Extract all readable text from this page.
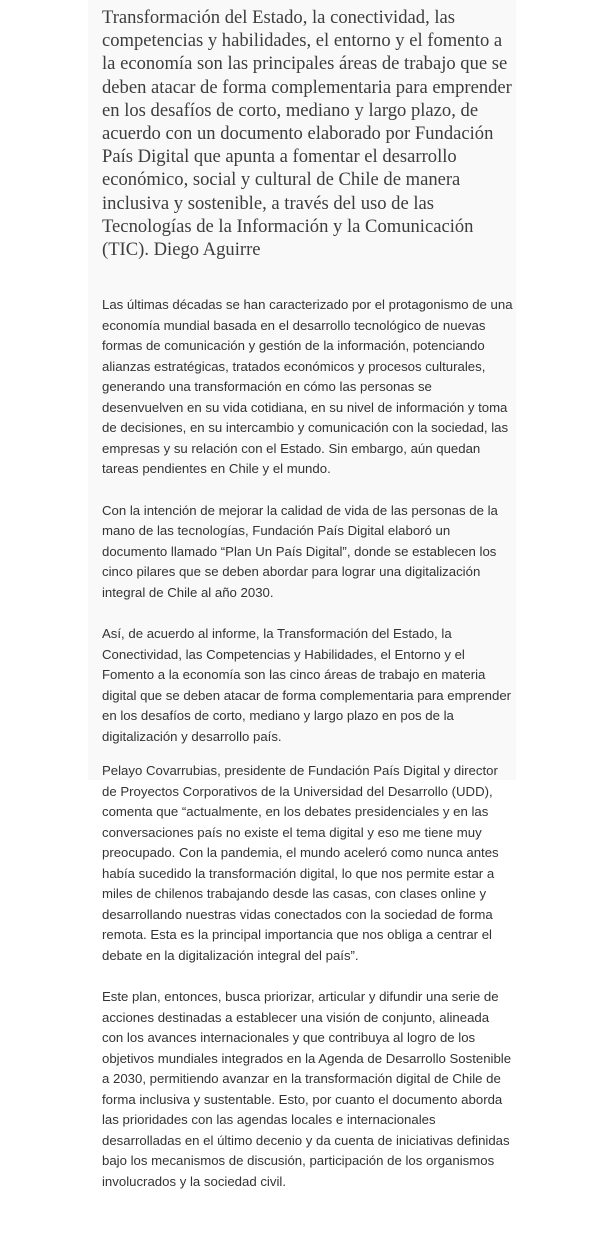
Transformación del Estado, la conectividad, las competencias y habilidades, el entorno y el fomento a la economía son las principales áreas de trabajo que se deben atacar de forma complementaria para emprender en los desafíos de corto, mediano y largo plazo, de acuerdo con un documento elaborado por Fundación País Digital que apunta a fomentar el desarrollo económico, social y cultural de Chile de manera inclusiva y sostenible, a través del uso de las Tecnologías de la Información y la Comunicación (TIC). Diego Aguirre

Las últimas décadas se han caracterizado por el protagonismo de una economía mundial basada en el desarrollo tecnológico de nuevas formas de comunicación y gestión de la información, potenciando alianzas estratégicas, tratados económicos y procesos culturales, generando una transformación en cómo las personas se desenvuelven en su vida cotidiana, en su nivel de información y toma de decisiones, en su intercambio y comunicación con la sociedad, las empresas y su relación con el Estado. Sin embargo, aún quedan tareas pendientes en Chile y el mundo.

Con la intención de mejorar la calidad de vida de las personas de la mano de las tecnologías, Fundación País Digital elaboró un documento llamado “Plan Un País Digital”, donde se establecen los cinco pilares que se deben abordar para lograr una digitalización integral de Chile al año 2030.

Así, de acuerdo al informe, la Transformación del Estado, la Conectividad, las Competencias y Habilidades, el Entorno y el Fomento a la economía son las cinco áreas de trabajo en materia digital que se deben atacar de forma complementaria para emprender en los desafíos de corto, mediano y largo plazo en pos de la digitalización y desarrollo país.

Pelayo Covarrubias, presidente de Fundación País Digital y director de Proyectos Corporativos de la Universidad del Desarrollo (UDD), comenta que “actualmente, en los debates presidenciales y en las conversaciones país no existe el tema digital y eso me tiene muy preocupado. Con la pandemia, el mundo aceleró como nunca antes había sucedido la transformación digital, lo que nos permite estar a miles de chilenos trabajando desde las casas, con clases online y desarrollando nuestras vidas conectados con la sociedad de forma remota. Esta es la principal importancia que nos obliga a centrar el debate en la digitalización integral del país”.

Este plan, entonces, busca priorizar, articular y difundir una serie de acciones destinadas a establecer una visión de conjunto, alineada con los avances internacionales y que contribuya al logro de los objetivos mundiales integrados en la Agenda de Desarrollo Sostenible a 2030, permitiendo avanzar en la transformación digital de Chile de forma inclusiva y sustentable. Esto, por cuanto el documento aborda las prioridades con las agendas locales e internacionales desarrolladas en el último decenio y da cuenta de iniciativas definidas bajo los mecanismos de discusión, participación de los organismos involucrados y la sociedad civil.
